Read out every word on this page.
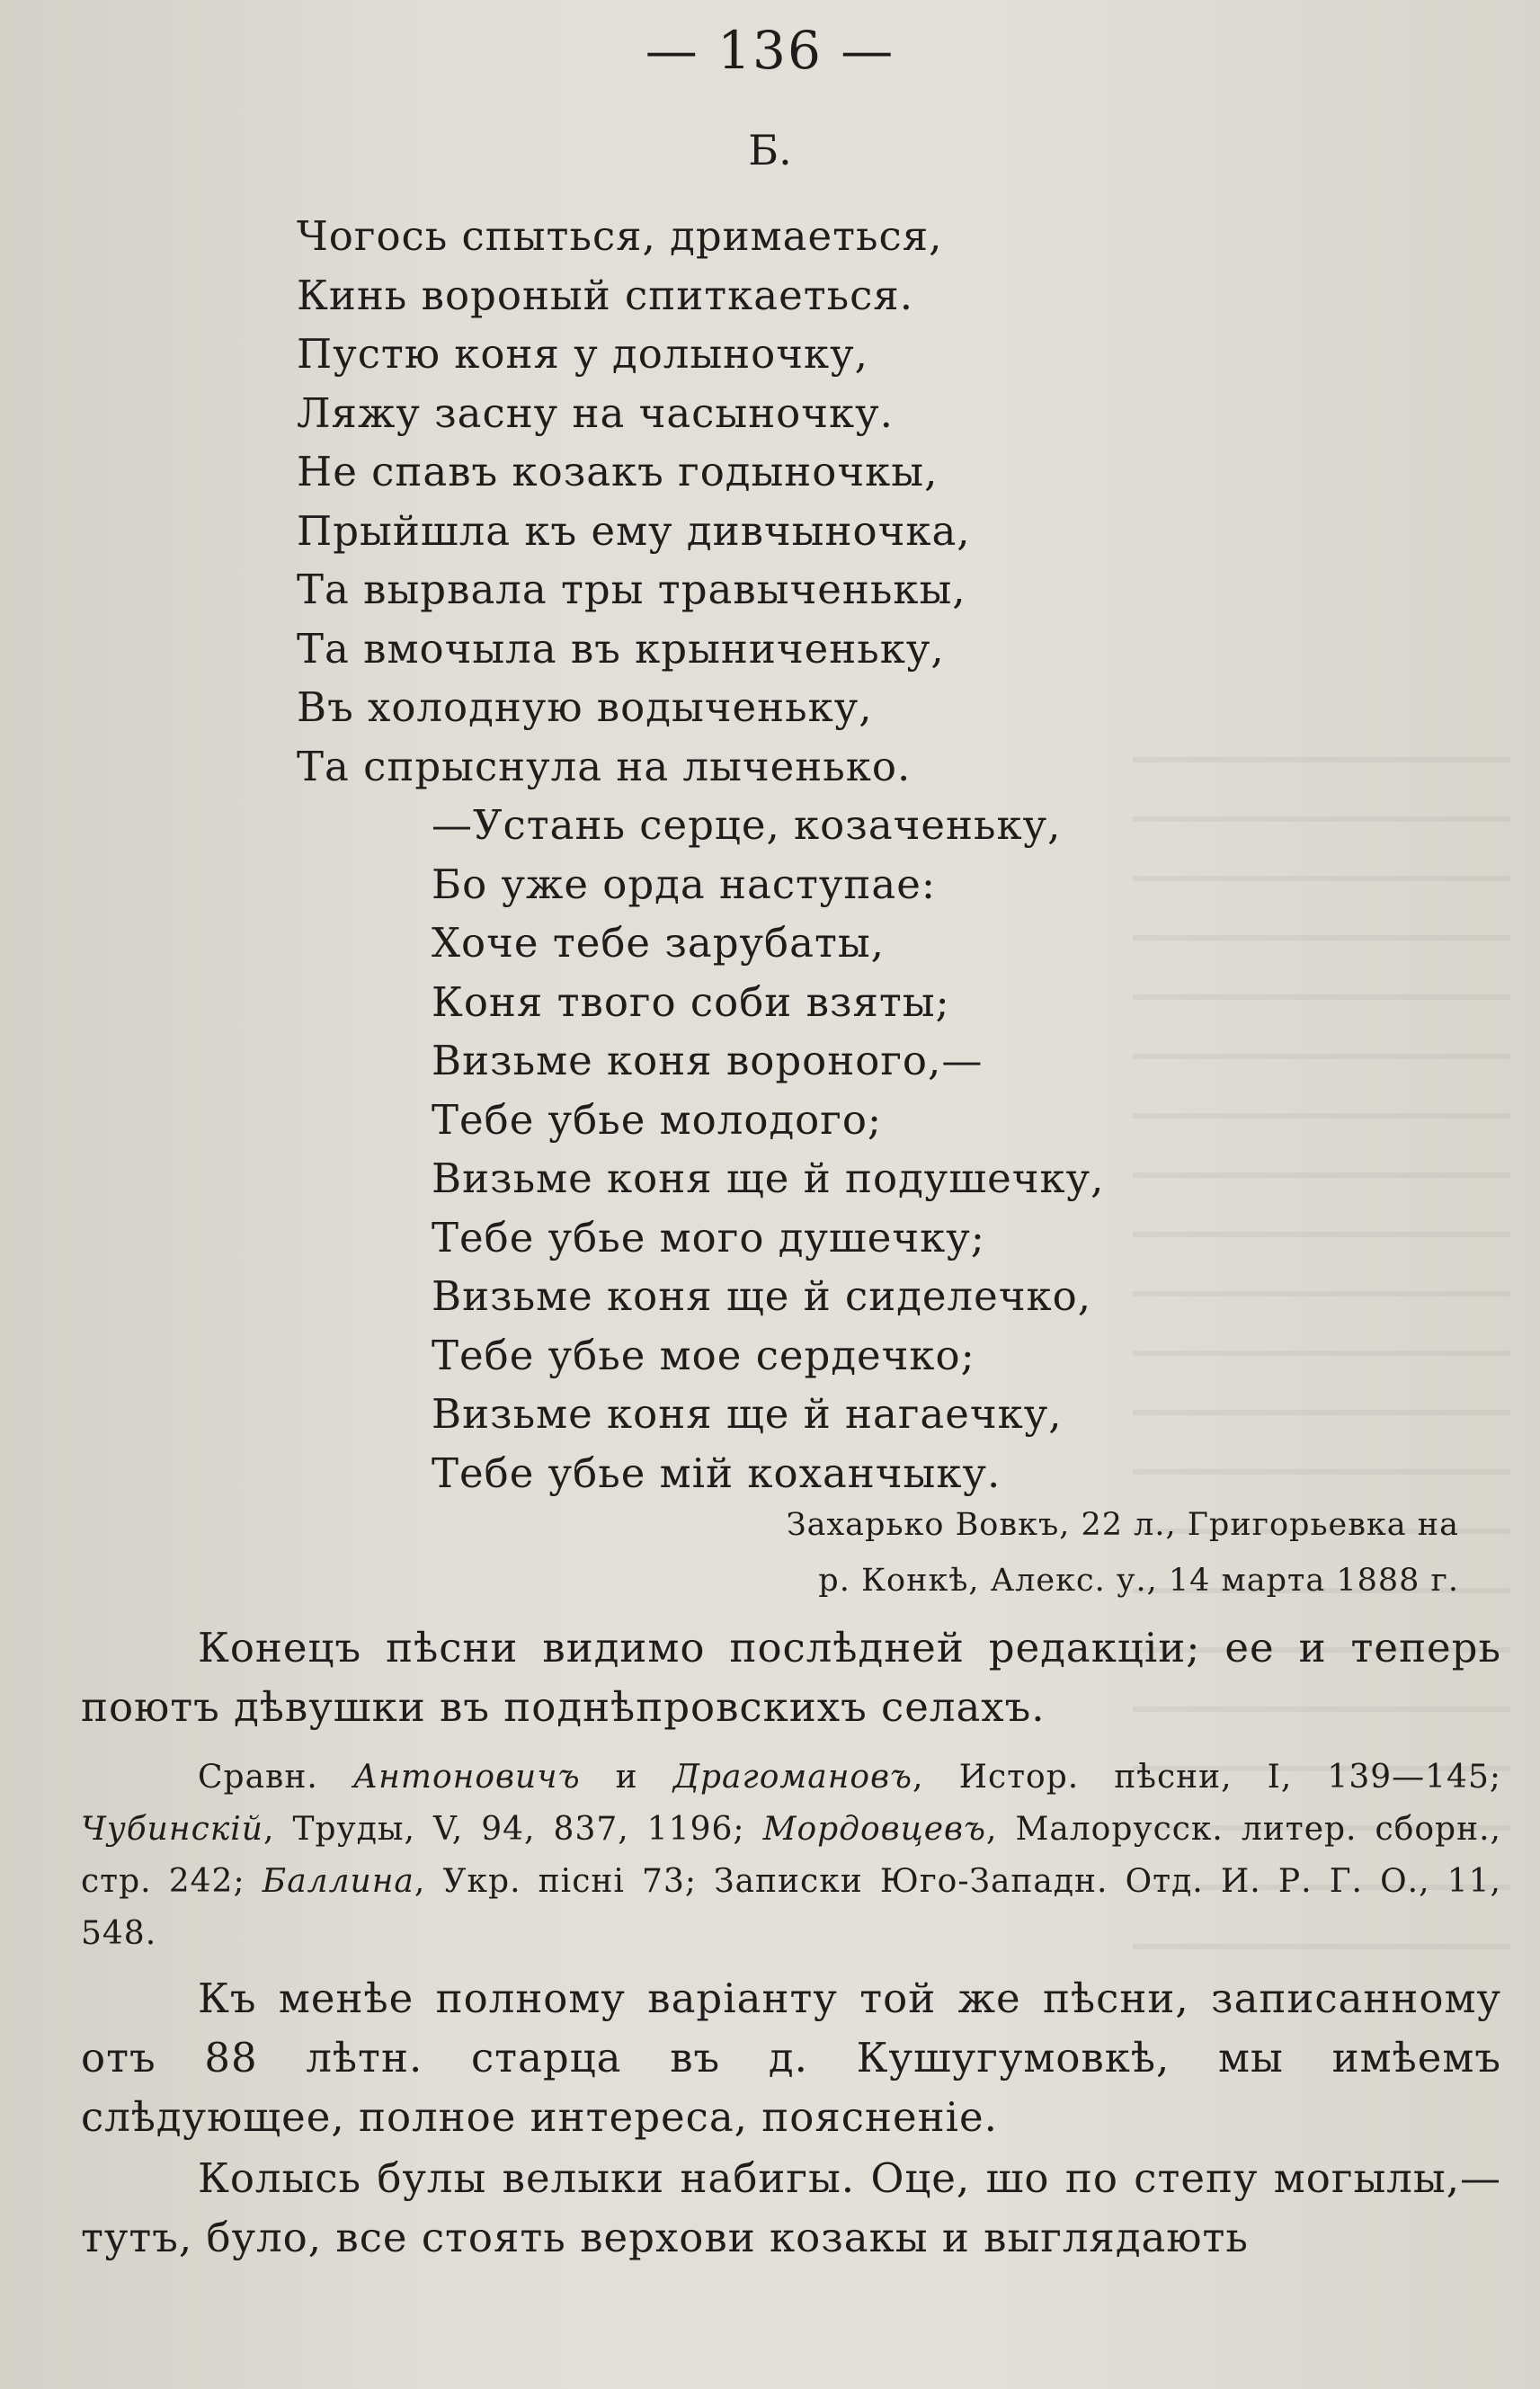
— 136 —
Б.
Чогось спыться, дримаеться,
Кинь вороный спиткаеться.
Пустю коня у долыночку,
Ляжу засну на часыночку.
Не спавъ козакъ годыночкы,
Прыйшла къ ему дивчыночка,
Та вырвала тры травыченькы,
Та вмочыла въ крыниченьку,
Въ холодную водыченьку,
Та спрыснула на лыченько.
—Устань серце, козаченьку,
Бо уже орда наступае:
Хоче тебе зарубаты,
Коня твого соби взяты;
Визьме коня вороного,—
Тебе убье молодого;
Визьме коня ще й подушечку,
Тебе убье мого душечку;
Визьме коня ще й сиделечко,
Тебе убье мое сердечко;
Визьме коня ще й нагаечку,
Тебе убье мій коханчыку.
Захарько Вовкъ, 22 л., Григорьевка на
р. Конкѣ, Алекс. у., 14 марта 1888 г.
Конецъ пѣсни видимо послѣдней редакціи; ее и теперь поютъ дѣвушки въ поднѣпровскихъ селахъ.
Сравн. Антоновичъ и Драгомановъ, Истор. пѣсни, I, 139—145; Чубинскій, Труды, V, 94, 837, 1196; Мордовцевъ, Малорусск. литер. сборн., стр. 242; Баллина, Укр. пісні 73; Записки Юго-Западн. Отд. И. Р. Г. О., 11, 548.
Къ менѣе полному варіанту той же пѣсни, записанному отъ 88 лѣтн. старца въ д. Кушугумовкѣ, мы имѣемъ слѣдующее, полное интереса, поясненіе.
Колысь булы велыки набигы. Оце, шо по степу могылы,—тутъ, було, все стоять верхови козакы и выглядають
